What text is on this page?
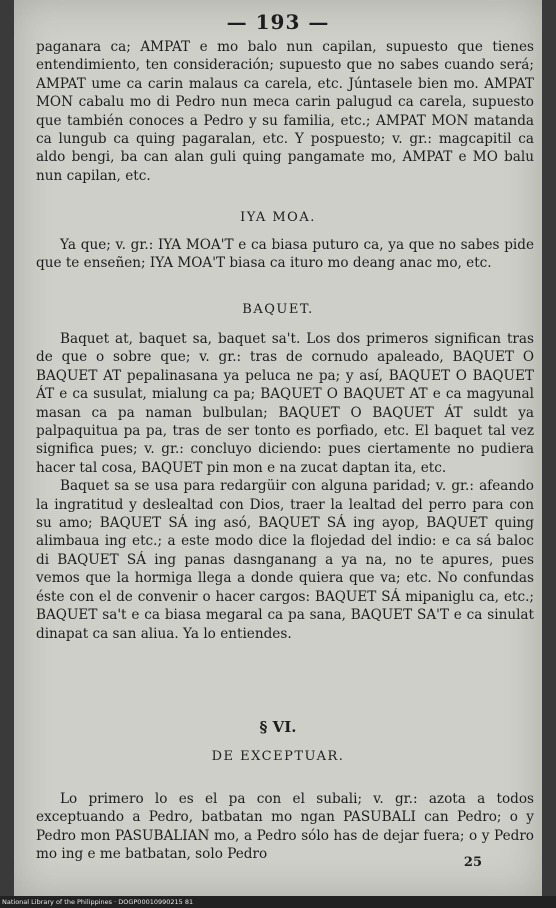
— 193 —

paganara ca; AMPAT e mo balo nun capilan, supuesto que tienes entendimiento, ten consideración; supuesto que no sabes cuando será; AMPAT ume ca carin malaus ca carela, etc. Júntasele bien mo. AMPAT MON cabalu mo di Pedro nun meca carin palugud ca carela, supuesto que también conoces a Pedro y su familia, etc.; AMPAT MON matanda ca lungub ca quing pagaralan, etc. Y pospuesto; v. gr.: magcapitil ca aldo bengi, ba can alan guli quing pangamate mo, AMPAT e MO balu nun capilan, etc.

IYA MOA.

Ya que; v. gr.: IYA MOA'T e ca biasa puturo ca, ya que no sabes pide que te enseñen; IYA MOA'T biasa ca ituro mo deang anac mo, etc.

BAQUET.

Baquet at, baquet sa, baquet sa't. Los dos primeros significan tras de que o sobre que; v. gr.: tras de cornudo apaleado, BAQUET O BAQUET AT pepalinasana ya peluca ne pa; y así, BAQUET O BAQUET ÁT e ca susulat, mialung ca pa; BAQUET O BAQUET AT e ca magyunal masan ca pa naman bulbulan; BAQUET O BAQUET ÁT suldt ya palpaquitua pa pa, tras de ser tonto es porfiado, etc. El baquet tal vez significa pues; v. gr.: concluyo diciendo: pues ciertamente no pudiera hacer tal cosa, BAQUET pin mon e na zucat daptan ita, etc.

Baquet sa se usa para redargüir con alguna paridad; v. gr.: afeando la ingratitud y deslealtad con Dios, traer la lealtad del perro para con su amo; BAQUET SÁ ing asó, BAQUET SÁ ing ayop, BAQUET quing alimbaua ing etc.; a este modo dice la flojedad del indio: e ca sá baloc di BAQUET SÁ ing panas dasnganang a ya na, no te apures, pues vemos que la hormiga llega a donde quiera que va; etc. No confundas éste con el de convenir o hacer cargos: BAQUET SÁ mipaniglu ca, etc.; BAQUET sa't e ca biasa megaral ca pa sana, BAQUET SA'T e ca sinulat dinapat ca san aliua. Ya lo entiendes.

§ VI.
DE EXCEPTUAR.

Lo primero lo es el pa con el subali; v. gr.: azota a todos exceptuando a Pedro, batbatan mo ngan PASUBALI can Pedro; o y Pedro mon PASUBALIAN mo, a Pedro sólo has de dejar fuera; o y Pedro mo ing e me batbatan, solo Pedro

25
National Library of the Philippines · DOGP00010990215 81
